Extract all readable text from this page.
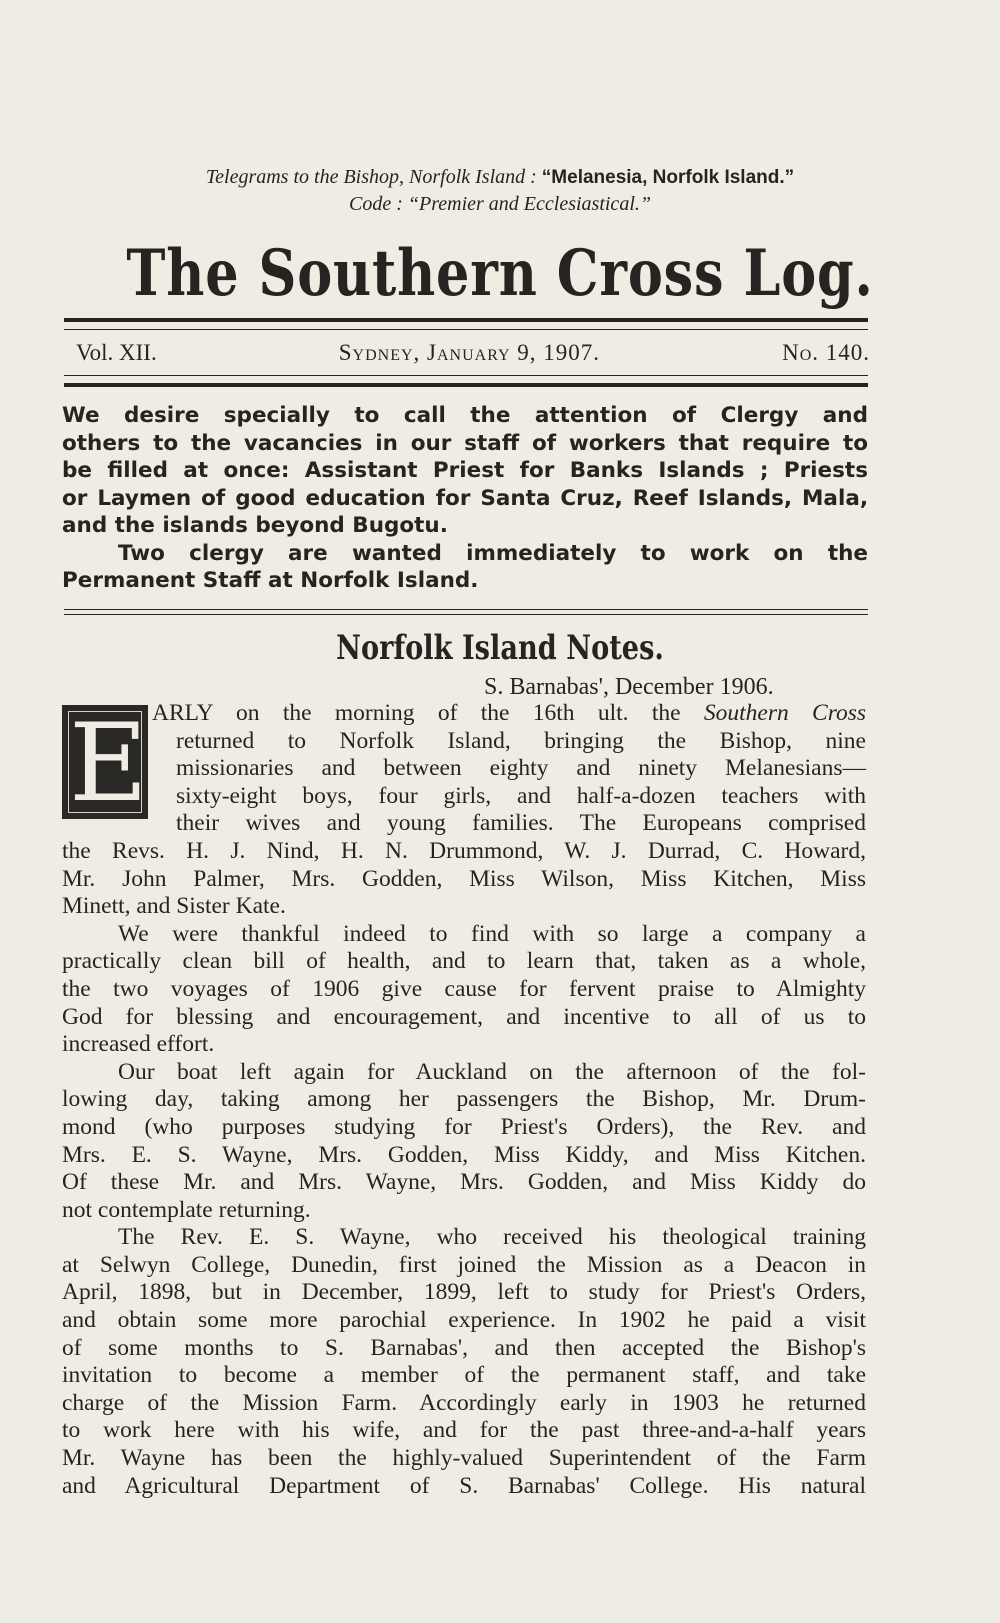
Telegrams to the Bishop, Norfolk Island : “Melanesia, Norfolk Island.”
Code : “Premier and Ecclesiastical.”
The Southern Cross Log.
Vol. XII.	Sydney, January 9, 1907.	No. 140.
We desire specially to call the attention of Clergy and
others to the vacancies in our staff of workers that require to
be filled at once: Assistant Priest for Banks Islands ; Priests
or Laymen of good education for Santa Cruz, Reef Islands, Mala,
and the islands beyond Bugotu.
Two clergy are wanted immediately to work on the
Permanent Staff at Norfolk Island.
Norfolk Island Notes.
S. Barnabas', December 1906.
E ARLY on the morning of the 16th ult. the Southern Cross
returned to Norfolk Island, bringing the Bishop, nine
missionaries and between eighty and ninety Melanesians—
sixty-eight boys, four girls, and half-a-dozen teachers with
their wives and young families. The Europeans comprised
the Revs. H. J. Nind, H. N. Drummond, W. J. Durrad, C. Howard,
Mr. John Palmer, Mrs. Godden, Miss Wilson, Miss Kitchen, Miss
Minett, and Sister Kate.
We were thankful indeed to find with so large a company a
practically clean bill of health, and to learn that, taken as a whole,
the two voyages of 1906 give cause for fervent praise to Almighty
God for blessing and encouragement, and incentive to all of us to
increased effort.
Our boat left again for Auckland on the afternoon of the fol-
lowing day, taking among her passengers the Bishop, Mr. Drum-
mond (who purposes studying for Priest's Orders), the Rev. and
Mrs. E. S. Wayne, Mrs. Godden, Miss Kiddy, and Miss Kitchen.
Of these Mr. and Mrs. Wayne, Mrs. Godden, and Miss Kiddy do
not contemplate returning.
The Rev. E. S. Wayne, who received his theological training
at Selwyn College, Dunedin, first joined the Mission as a Deacon in
April, 1898, but in December, 1899, left to study for Priest's Orders,
and obtain some more parochial experience. In 1902 he paid a visit
of some months to S. Barnabas', and then accepted the Bishop's
invitation to become a member of the permanent staff, and take
charge of the Mission Farm. Accordingly early in 1903 he returned
to work here with his wife, and for the past three-and-a-half years
Mr. Wayne has been the highly-valued Superintendent of the Farm
and Agricultural Department of S. Barnabas' College. His natural
